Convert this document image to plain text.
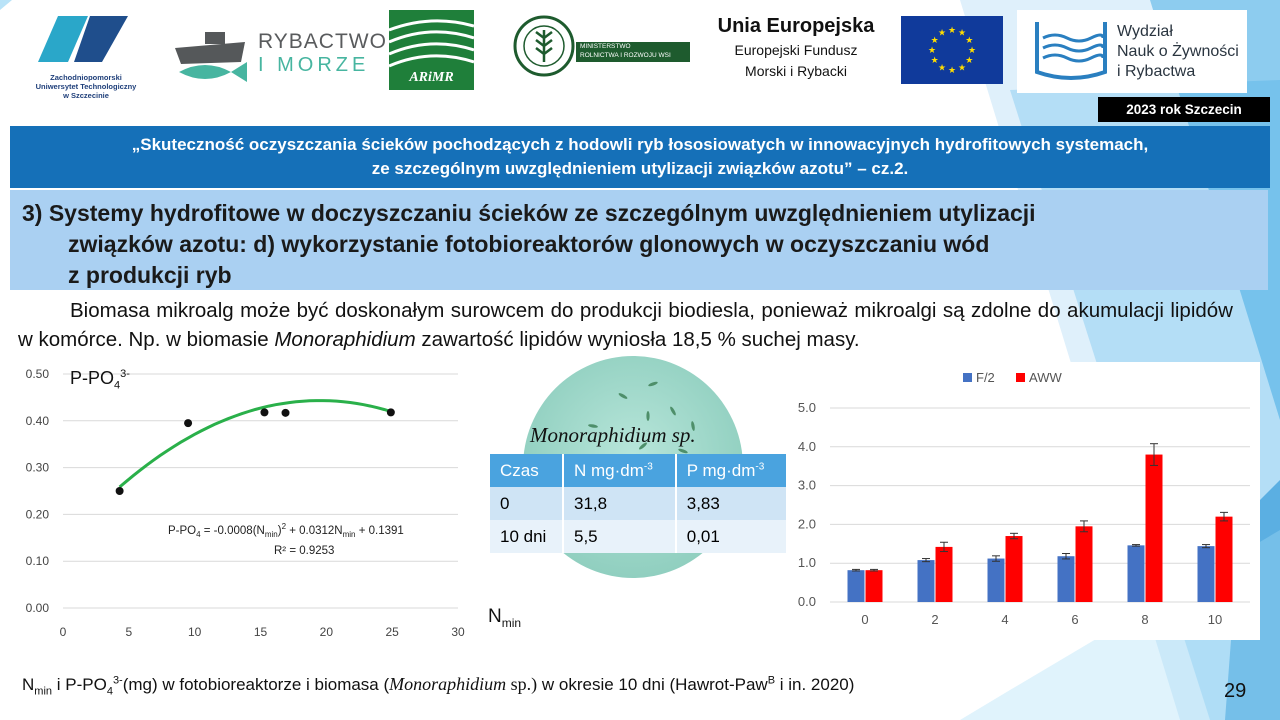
Zachodniopomorski
Uniwersytet Technologiczny
w Szczecinie
RYBACTWO
I MORZE
ARiMR
MINISTERSTWO
ROLNICTWA I ROZWOJU WSI
Unia Europejska
Europejski Fundusz
Morski i Rybacki
★
★
★
★
★
★
★
★
★ ★ ★
★	Wydział
Nauk o Żywności
i Rybactwa
2023 rok Szczecin
„Skuteczność oczyszczania ścieków pochodzących z hodowli ryb łososiowatych w innowacyjnych hydrofitowych systemach,
ze szczególnym uwzględnieniem utylizacji związków azotu” – cz.2.
3) Systemy hydrofitowe w doczyszczaniu ścieków ze szczególnym uwzględnieniem utylizacji
związków azotu: d) wykorzystanie fotobioreaktorów glonowych w oczyszczaniu wód
z produkcji ryb
Biomasa mikroalg może być doskonałym surowcem do produkcji biodiesla, ponieważ mikroalgi są zdolne do akumulacji lipidów w komórce. Np. w biomasie Monoraphidium zawartość lipidów wyniosła 18,5 % suchej masy.
0.00
0.10
0.20
0.30
0.40
0.50
0	5	10	15	20	25	30
$P-PO_4^{3-}$
$P-PO_4 = -0.0008(N_{min})^2 + 0.0312N_{min} + 0.1391$
R² = 0.9253
$N_{min}$
Monoraphidium sp.
Czas	N $mg\cdot dm^{-3}$	P $mg\cdot dm^{-3}$
0	31,8	3,83
10 dni	5,5	0,01
0.0
1.0
2.0
3.0
4.0
5.0
F/2	AWW
0	2	4	6	8	10
$N_{min}$ i $P-PO_4^{3-}(mg)$ w fotobioreaktorze i biomasa (Monoraphidium sp.) w okresie 10 dni (Hawrot-Paw$^B$ i in. 2020)	29
